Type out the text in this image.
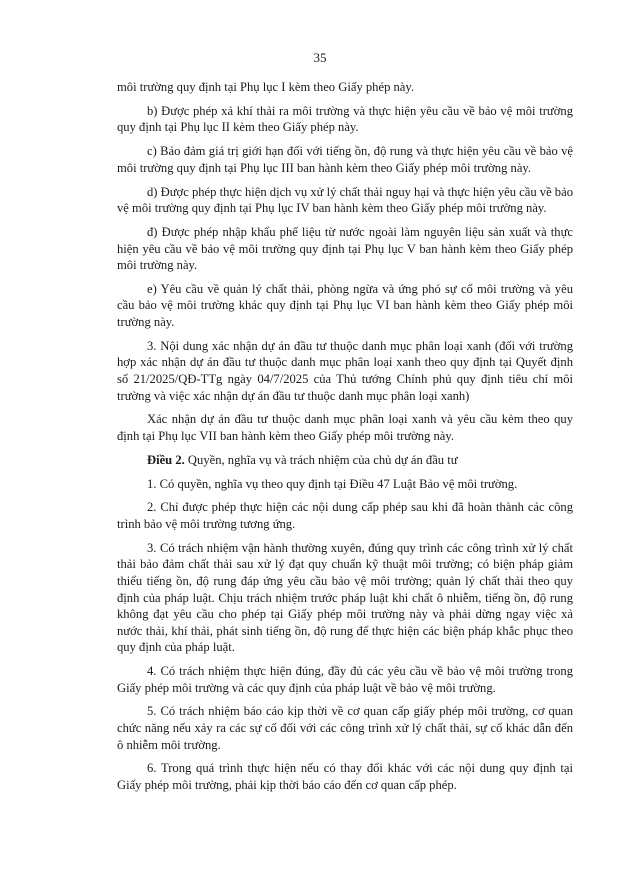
35

môi trường quy định tại Phụ lục I kèm theo Giấy phép này.

b) Được phép xả khí thải ra môi trường và thực hiện yêu cầu về bảo vệ môi trường quy định tại Phụ lục II kèm theo Giấy phép này.

c) Bảo đảm giá trị giới hạn đối với tiếng ồn, độ rung và thực hiện yêu cầu về bảo vệ môi trường quy định tại Phụ lục III ban hành kèm theo Giấy phép môi trường này.

d) Được phép thực hiện dịch vụ xử lý chất thải nguy hại và thực hiện yêu cầu về bảo vệ môi trường quy định tại Phụ lục IV ban hành kèm theo Giấy phép môi trường này.

đ) Được phép nhập khẩu phế liệu từ nước ngoài làm nguyên liệu sản xuất và thực hiện yêu cầu về bảo vệ môi trường quy định tại Phụ lục V ban hành kèm theo Giấy phép môi trường này.

e) Yêu cầu về quản lý chất thải, phòng ngừa và ứng phó sự cố môi trường và yêu cầu bảo vệ môi trường khác quy định tại Phụ lục VI ban hành kèm theo Giấy phép môi trường này.

3. Nội dung xác nhận dự án đầu tư thuộc danh mục phân loại xanh (đối với trường hợp xác nhận dự án đầu tư thuộc danh mục phân loại xanh theo quy định tại Quyết định số 21/2025/QĐ-TTg ngày 04/7/2025 của Thủ tướng Chính phủ quy định tiêu chí môi trường và việc xác nhận dự án đầu tư thuộc danh mục phân loại xanh)

Xác nhận dự án đầu tư thuộc danh mục phân loại xanh và yêu cầu kèm theo quy định tại Phụ lục VII ban hành kèm theo Giấy phép môi trường này.

Điều 2. Quyền, nghĩa vụ và trách nhiệm của chủ dự án đầu tư

1. Có quyền, nghĩa vụ theo quy định tại Điều 47 Luật Bảo vệ môi trường.

2. Chỉ được phép thực hiện các nội dung cấp phép sau khi đã hoàn thành các công trình bảo vệ môi trường tương ứng.

3. Có trách nhiệm vận hành thường xuyên, đúng quy trình các công trình xử lý chất thải bảo đảm chất thải sau xử lý đạt quy chuẩn kỹ thuật môi trường; có biện pháp giảm thiểu tiếng ồn, độ rung đáp ứng yêu cầu bảo vệ môi trường; quản lý chất thải theo quy định của pháp luật. Chịu trách nhiệm trước pháp luật khi chất ô nhiễm, tiếng ồn, độ rung không đạt yêu cầu cho phép tại Giấy phép môi trường này và phải dừng ngay việc xả nước thải, khí thải, phát sinh tiếng ồn, độ rung để thực hiện các biện pháp khắc phục theo quy định của pháp luật.

4. Có trách nhiệm thực hiện đúng, đầy đủ các yêu cầu về bảo vệ môi trường trong Giấy phép môi trường và các quy định của pháp luật về bảo vệ môi trường.

5. Có trách nhiệm báo cáo kịp thời về cơ quan cấp giấy phép môi trường, cơ quan chức năng nếu xảy ra các sự cố đối với các công trình xử lý chất thải, sự cố khác dẫn đến ô nhiễm môi trường.

6. Trong quá trình thực hiện nếu có thay đổi khác với các nội dung quy định tại Giấy phép môi trường, phải kịp thời báo cáo đến cơ quan cấp phép.
